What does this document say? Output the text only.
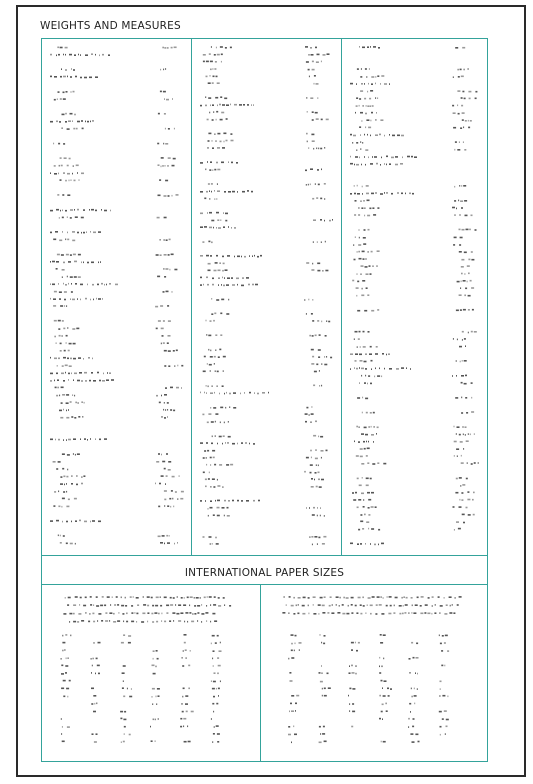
WEIGHTS AND MEASURES
INTERNATIONAL PAPER SIZES
